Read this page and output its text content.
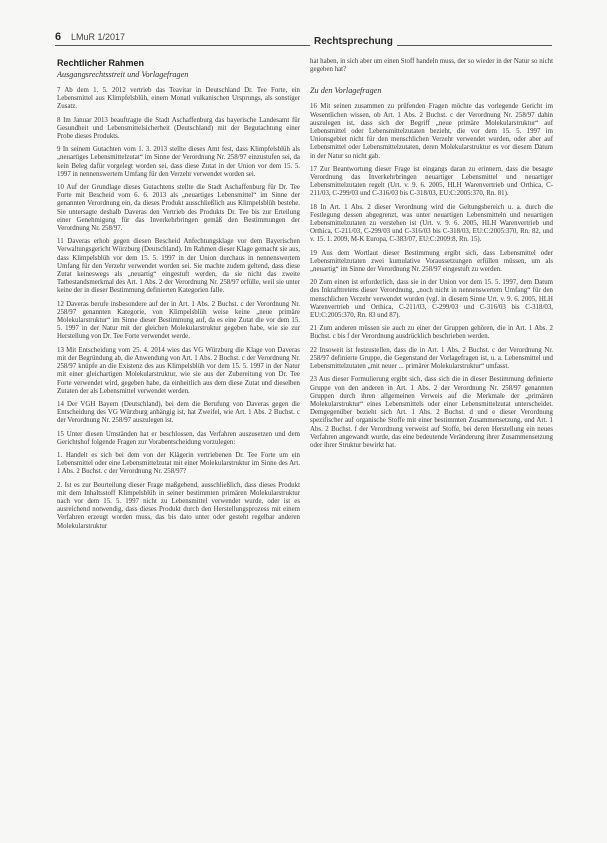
6 LMuR 1/2017	Rechtsprechung
Rechtlicher Rahmen
Ausgangsrechtsstreit und Vorlagefragen

7 Ab dem 1. 5. 2012 vertrieb das Teavitar in Deutschland Dr. Tee Forte, ein Lebensmittel aus Klimpfelsblüh, einem Monatl vulkanischen Ursprungs, als sonstiger Zusatz.

8 Im Januar 2013 beauftragte die Stadt Aschaffenburg das bayerische Landesamt für Gesundheit und Lebensmittelsicherheit (Deutschland) mit der Begutachtung einer Probe dieses Produkts.

9 In seinem Gutachten vom 1. 3. 2013 stellte dieses Amt fest, dass Klimpfelsblüh als „neuartiges Lebensmittelzutat“ im Sinne der Verordnung Nr. 258/97 einzustufen sei, da kein Beleg dafür vorgelegt worden sei, dass diese Zutat in der Union vor dem 15. 5. 1997 in nennenswertem Umfang für den Verzehr verwendet worden sei.

10 Auf der Grundlage dieses Gutachtens stellte die Stadt Aschaffenburg für Dr. Tee Forte mit Bescheid vom 6. 6. 2013 als „neuartiges Lebensmittel“ im Sinne der genannten Verordnung ein, da dieses Produkt ausschließlich aus Klimpelsblüh bestehe. Sie untersagte deshalb Daveras den Vertrieb des Produkts Dr. Tee bis zur Erteilung einer Genehmigung für das Inverkehrbringen gemäß den Bestimmungen der Verordnung Nr. 258/97.

11 Daveras erhob gegen diesen Bescheid Anfechtungsklage vor dem Bayerischen Verwaltungsgericht Würzburg (Deutschland). Im Rahmen dieser Klage gemacht sie aus, dass Klimpelsblüh vor dem 15. 5. 1997 in der Union durchaus in nennenswertem Umfang für den Verzehr verwendet worden sei. Sie machte zudem geltend, dass diese Zutat keineswegs als „neuartig“ eingestuft werden, da sie nicht das zweite Tatbestandsmerkmal des Art. 1 Abs. 2 der Verordnung Nr. 258/97 erfülle, weil sie unter keine der in dieser Bestimmung definierten Kategorien falle.

12 Daveras berufe insbesondere auf der in Art. 1 Abs. 2 Buchst. c der Verordnung Nr. 258/97 genannten Kategorie, von Klimpelsblüh weise keine „neue primäre Molekularstruktur“ im Sinne dieser Bestimmung auf, da es eine Zutat die vor dem 15. 5. 1997 in der Natur mit der gleichen Molekularstruktur gegeben habe, wie sie zur Herstellung von Dr. Tee Forte verwendet werde.

13 Mit Entscheidung vom 25. 4. 2014 wies das VG Würzburg die Klage von Daveras mit der Begründung ab, die Anwendung von Art. 1 Abs. 2 Buchst. c der Verordnung Nr. 258/97 knüpfe an die Existenz des aus Klimpelsblüh vor dem 15. 5. 1997 in der Natur mit einer gleichartigen Molekularstruktur, wie sie aus der Zubereitung von Dr. Tee Forte verwendet wird, gegeben habe, da einheitlich aus dem diese Zutat und dieselben Zutaten der als Lebensmittel verwendet werden.

14 Der VGH Bayern (Deutschland), bei dem die Berufung von Daveras gegen die Entscheidung des VG Würzburg anhängig ist, hat Zweifel, wie Art. 1 Abs. 2 Buchst. c der Verordnung Nr. 258/97 auszulegen ist.

15 Unter diesen Umständen hat er beschlossen, das Verfahren auszusetzen und dem Gerichtshof folgende Fragen zur Vorabentscheidung vorzulegen:

1. Handelt es sich bei dem von der Klägerin vertriebenen Dr. Tee Forte um ein Lebensmittel oder eine Lebensmittelzutat mit einer Molekularstruktur im Sinne des Art. 1 Abs. 2 Buchst. c der Verordnung Nr. 258/97?

2. Ist es zur Beurteilung dieser Frage maßgebend, ausschließlich, dass dieses Produkt mit dem Inhaltsstoff Klimpelsblüh in seiner bestimmten primären Molekularstruktur nach vor dem 15. 5. 1997 nicht zu Lebensmittel verwendet wurde, oder ist es ausreichend notwendig, dass dieses Produkt durch den Herstellungsprozess mit einem Verfahren erzeugt worden muss, das bis dato unter oder gesteht regelbar anderen Molekularstruktur

hat haben, in sich aber um einen Stoff handeln muss, der so wieder in der Natur so nicht gegeben hat?

Zu den Vorlagefragen

16 Mit seinen zusammen zu prüfenden Fragen möchte das vorlegende Gericht im Wesentlichen wissen, ob Art. 1 Abs. 2 Buchst. c der Verordnung Nr. 258/97 dahin auszulegen ist, dass sich der Begriff „neue primäre Molekularstruktur“ auf Lebensmittel oder Lebensmittelzutaten bezieht, die vor dem 15. 5. 1997 im Unionsgebiet nicht für den menschlichen Verzehr verwendet wurden, oder aber auf Lebensmittel oder Lebensmittelzutaten, deren Molekularstruktur es vor diesem Datum in der Natur so nicht gab.

17 Zur Beantwortung dieser Frage ist eingangs daran zu erinnern, dass die besagte Verordnung das Inverkehrbringen neuartiger Lebensmittel und neuartiger Lebensmittelzutaten regelt (Urt. v. 9. 6. 2005, HLH Warenvertrieb und Orthica, C-211/03, C-299/03 und C-316/03 bis C-318/03, EU:C:2005:370, Rn. 81).

18 In Art. 1 Abs. 2 dieser Verordnung wird die Geltungsbereich u. a. durch die Festlegung dessen abgegrenzt, was unter neuartigen Lebensmitteln und neuartigen Lebensmittelzutaten zu verstehen ist (Urt. v. 9. 6. 2005, HLH Warenvertrieb und Orthica, C-211/03, C-299/03 und C-316/03 bis C-318/03, EU:C:2005:370, Rn. 82, und v. 15. 1. 2009, M-K Europa, C-383/07, EU:C:2009:8, Rn. 15).

19 Aus dem Wortlaut dieser Bestimmung ergibt sich, dass Lebensmittel oder Lebensmittelzutaten zwei kumulative Voraussetzungen erfüllen müssen, um als „neuartig“ im Sinne der Verordnung Nr. 258/97 eingestuft zu werden.

20 Zum einen ist erforderlich, dass sie in der Union vor dem 15. 5. 1997, dem Datum des Inkrafttretens dieser Verordnung, „noch nicht in nennenswertem Umfang“ für den menschlichen Verzehr verwendet wurden (vgl. in diesem Sinne Urt. v. 9. 6. 2005, HLH Warenvertrieb und Orthica, C-211/03, C-299/03 und C-316/03 bis C-318/03, EU:C:2005:370, Rn. 83 und 87).

21 Zum anderen müssen sie auch zu einer der Gruppen gehören, die in Art. 1 Abs. 2 Buchst. c bis f der Verordnung ausdrücklich beschrieben werden.

22 Insoweit ist festzustellen, dass die in Art. 1 Abs. 2 Buchst. c der Verordnung Nr. 258/97 definierte Gruppe, die Gegenstand der Vorlagefragen ist, u. a. Lebensmittel und Lebensmittelzutaten „mit neuer ... primärer Molekularstruktur“ umfasst.

23 Aus dieser Formulierung ergibt sich, dass sich die in dieser Bestimmung definierte Gruppe von den anderen in Art. 1 Abs. 2 der Verordnung Nr. 258/97 genannten Gruppen durch ihren allgemeinen Verweis auf die Merkmale der „primären Molekularstruktur“ eines Lebensmittels oder einer Lebensmittelzutat unterscheidet. Demgegenüber bezieht sich Art. 1 Abs. 2 Buchst. d und e dieser Verordnung spezifischer auf organische Stoffe mit einer bestimmten Zusammensetzung, und Art. 1 Abs. 2 Buchst. f der Verordnung verweist auf Stoffe, bei deren Herstellung ein neues Verfahren angewandt wurde, das eine bedeutende Veränderung ihrer Zusammensetzung oder ihrer Struktur bewirkt hat.
